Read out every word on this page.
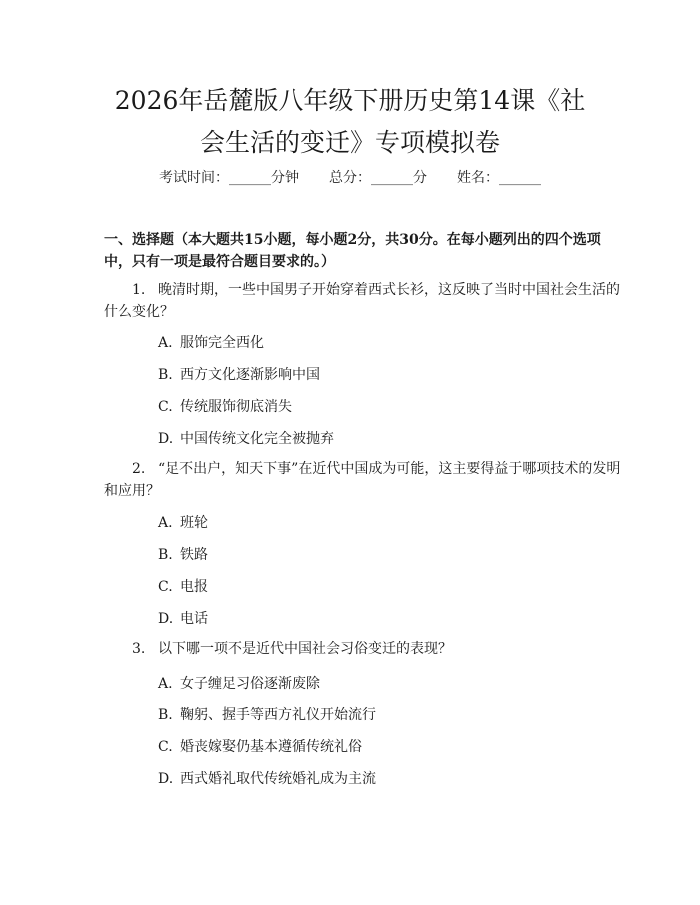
2026年岳麓版八年级下册历史第14课《社
会生活的变迁》专项模拟卷
考试时间：______分钟 总分：______分 姓名：______

一、选择题（本大题共15小题，每小题2分，共30分。在每小题列出的四个选项中，只有一项是最符合题目要求的。）

1. 晚清时期，一些中国男子开始穿着西式长衫，这反映了当时中国社会生活的什么变化？

A. 服饰完全西化
B. 西方文化逐渐影响中国
C. 传统服饰彻底消失
D. 中国传统文化完全被抛弃

2. “足不出户，知天下事”在近代中国成为可能，这主要得益于哪项技术的发明和应用？

A. 班轮
B. 铁路
C. 电报
D. 电话

3. 以下哪一项不是近代中国社会习俗变迁的表现？

A. 女子缠足习俗逐渐废除
B. 鞠躬、握手等西方礼仪开始流行
C. 婚丧嫁娶仍基本遵循传统礼俗
D. 西式婚礼取代传统婚礼成为主流
